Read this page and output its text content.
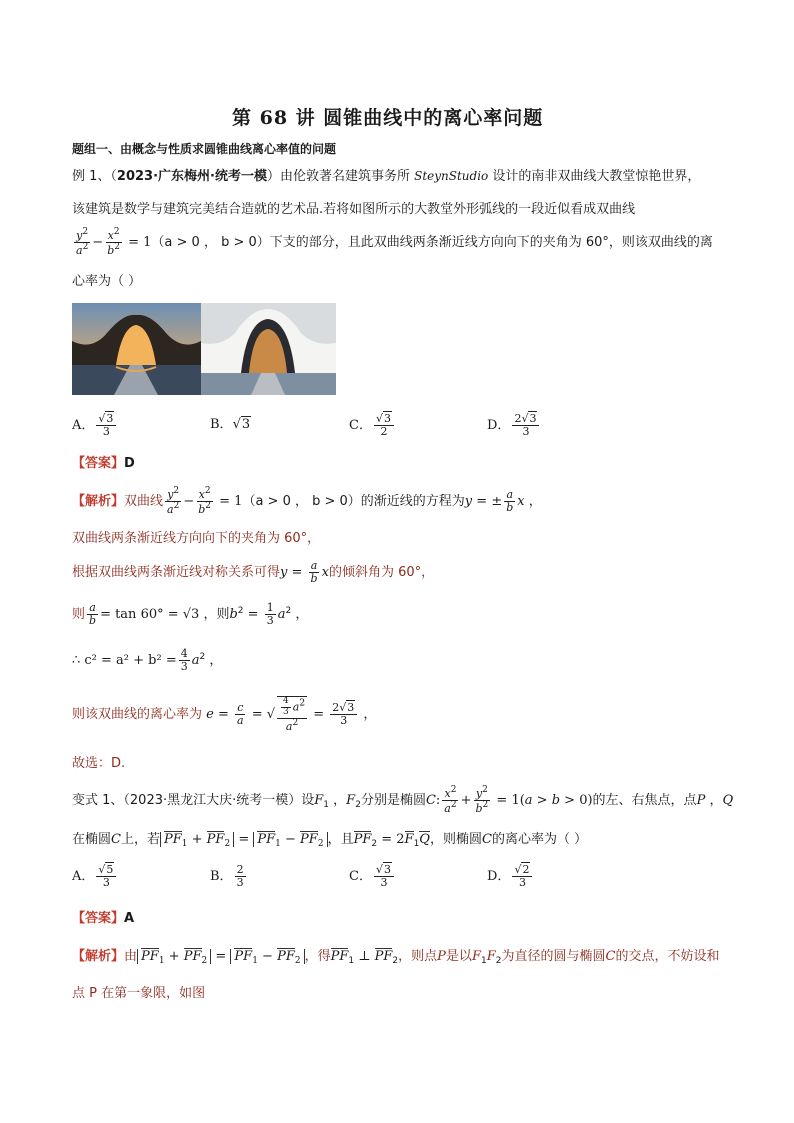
第 68 讲 圆锥曲线中的离心率问题
题组一、由概念与性质求圆锥曲线离心率值的问题
例 1、（2023·广东梅州·统考一模）由伦敦著名建筑事务所 SteynStudio 设计的南非双曲线大教堂惊艳世界，
该建筑是数学与建筑完美结合造就的艺术品.若将如图所示的大教堂外形弧线的一段近似看成双曲线
$\frac{y^2}{a^2} - \frac{x^2}{b^2} = 1(a > 0$ ， b > 0）下支的部分，且此双曲线两条渐近线方向向下的夹角为 60°，则该双曲线的离
心率为（ ）
A． $\frac{√3}{3}$	B．√3	C． $\frac{√3}{2}$	D． $\frac{2√3}{3}$
【答案】D
【解析】双曲线 $\frac{y^2}{a^2} - \frac{x^2}{b^2} = 1(a > 0$ ， b > 0）的渐近线的方程为y = ± $\frac{a}{b}$ x ，
双曲线两条渐近线方向向下的夹角为 60°，
根据双曲线两条渐近线对称关系可得$y = \frac{a}{b}$ x的倾斜角为 60°，
则 $\frac{a}{b} = \tan 60^\circ = √3$ ，则$b^2 = \frac{1}{3} a^2$ ，
∴ $c^2 = a^2 + b^2 = \frac{4}{3} a^2$ ，
则该双曲线的离心率为 $e = \frac{c}{a}$ = √ $\frac{\frac{4}{3} a^2}{a^2} = \frac{2√3}{3}$ ，
故选：D.
变式 1、（2023·黑龙江大庆·统考一模）设$F_1$ ，$F_2$分别是椭圆C: $\frac{x^2}{a^2} + \frac{y^2}{b^2} = 1(a > b > 0)$的左、右焦点，点P ，Q
在椭圆C上，若 $PF_1 + PF_2 = PF_1 - PF_2$ ，且$PF_2 = 2F_1Q$，则椭圆C的离心率为（ ）
A． $\frac{√5}{3}$	B． $\frac{2}{3}$	C． $\frac{√3}{3}$	D． $\frac{√2}{3}$
【答案】A
【解析】由 $PF_1 + PF_2 = PF_1 - PF_2$ ，得$PF_1$ ⊥ $PF_2$，则点P是以$F_1F_2$为直径的圆与椭圆C的交点，不妨设和
点 P 在第一象限，如图
